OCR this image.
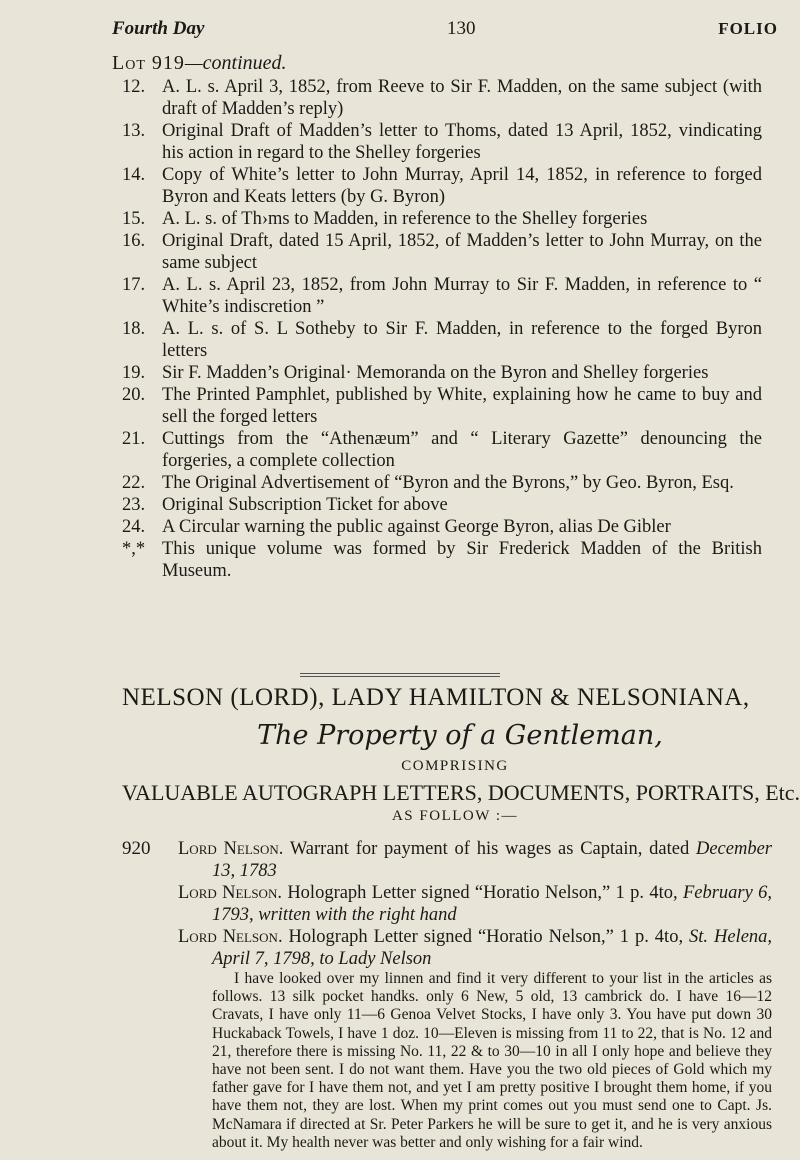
Fourth Day	130	FOLIO
Lot 919—continued.
12. A. L. s. April 3, 1852, from Reeve to Sir F. Madden, on the same subject (with draft of Madden’s reply)
13. Original Draft of Madden’s letter to Thoms, dated 13 April, 1852, vindicating his action in regard to the Shelley forgeries
14. Copy of White’s letter to John Murray, April 14, 1852, in reference to forged Byron and Keats letters (by G. Byron)
15. A. L. s. of Th›ms to Madden, in reference to the Shelley forgeries
16. Original Draft, dated 15 April, 1852, of Madden’s letter to John Murray, on the same subject
17. A. L. s. April 23, 1852, from John Murray to Sir F. Madden, in reference to “ White’s indiscretion ”
18. A. L. s. of S. L Sotheby to Sir F. Madden, in reference to the forged Byron letters
19. Sir F. Madden’s Original· Memoranda on the Byron and Shelley forgeries
20. The Printed Pamphlet, published by White, explaining how he came to buy and sell the forged letters
21. Cuttings from the “Athenæum” and “ Literary Gazette” denouncing the forgeries, a complete collection
22. The Original Advertisement of “Byron and the Byrons,” by Geo. Byron, Esq.
23. Original Subscription Ticket for above
24. A Circular warning the public against George Byron, alias De Gibler
*,* This unique volume was formed by Sir Frederick Madden of the British Museum.
NELSON (LORD), LADY HAMILTON & NELSONIANA,
The Property of a Gentleman,
COMPRISING
VALUABLE AUTOGRAPH LETTERS, DOCUMENTS, PORTRAITS, Etc.
AS FOLLOW :—
920 Lord Nelson. Warrant for payment of his wages as Captain, dated December 13, 1783
Lord Nelson. Holograph Letter signed “Horatio Nelson,” 1 p. 4to, February 6, 1793, written with the right hand
Lord Nelson. Holograph Letter signed “Horatio Nelson,” 1 p. 4to, St. Helena, April 7, 1798, to Lady Nelson
I have looked over my linnen and find it very different to your list in the articles as follows. 13 silk pocket handks. only 6 New, 5 old, 13 cambrick do. I have 16—12 Cravats, I have only 11—6 Genoa Velvet Stocks, I have only 3. You have put down 30 Huckaback Towels, I have 1 doz. 10—Eleven is missing from 11 to 22, that is No. 12 and 21, therefore there is missing No. 11, 22 & to 30—10 in all I only hope and believe they have not been sent. I do not want them. Have you the two old pieces of Gold which my father gave for I have them not, and yet I am pretty positive I brought them home, if you have them not, they are lost. When my print comes out you must send one to Capt. Js. McNamara if directed at Sr. Peter Parkers he will be sure to get it, and he is very anxious about it. My health never was better and only wishing for a fair wind.
